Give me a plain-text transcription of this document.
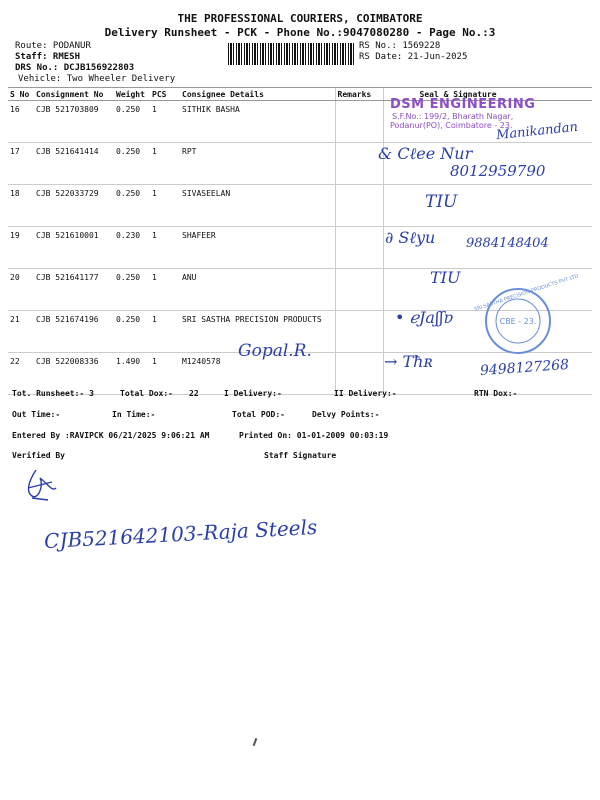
THE PROFESSIONAL COURIERS, COIMBATORE
Delivery Runsheet - PCK - Phone No.:9047080280 - Page No.:3
Route: PODANUR
Staff: RMESH
DRS No.: DCJB156922803
Vehicle: Two Wheeler Delivery
RS No.: 1569228
RS Date: 21-Jun-2025
S No	Consignment No	Weight	PCS	Consignee Details	Remarks	Seal & Signature
16	CJB 521703809	0.250	1	SITHIK BASHA		
17	CJB 521641414	0.250	1	RPT		
18	CJB 522033729	0.250	1	SIVASEELAN		
19	CJB 521610001	0.230	1	SHAFEER		
20	CJB 521641177	0.250	1	ANU		
21	CJB 521674196	0.250	1	SRI SASTHA PRECISION PRODUCTS		
22	CJB 522008336	1.490	1	M1240578		
DSM ENGINEERING
S.F.No.: 199/2, Bharath Nagar,
Podanur(PO), Coimbatore - 23.
Manikandan
& Cℓee Nur
8012959790
TIU
∂ Sℓyu 9884148404
TIU
CBE - 23.
SRI SASTHA PRECISION PRODUCTS PVT LTD
• ℯJaʃʃɐ
Gopal.R.
→ Tħʀ	9498127268
Tot. Runsheet:- 3	Total Dox:- 22	I Delivery:-	II Delivery:-	RTN Dox:-
Out Time:-	In Time:-	Total POD:-	Delvy Points:-
Entered By :RAVIPCK 06/21/2025 9:06:21 AM	Printed On: 01-01-2009 00:03:19
Verified By	Staff Signature
CJB521642103-Raja Steels
